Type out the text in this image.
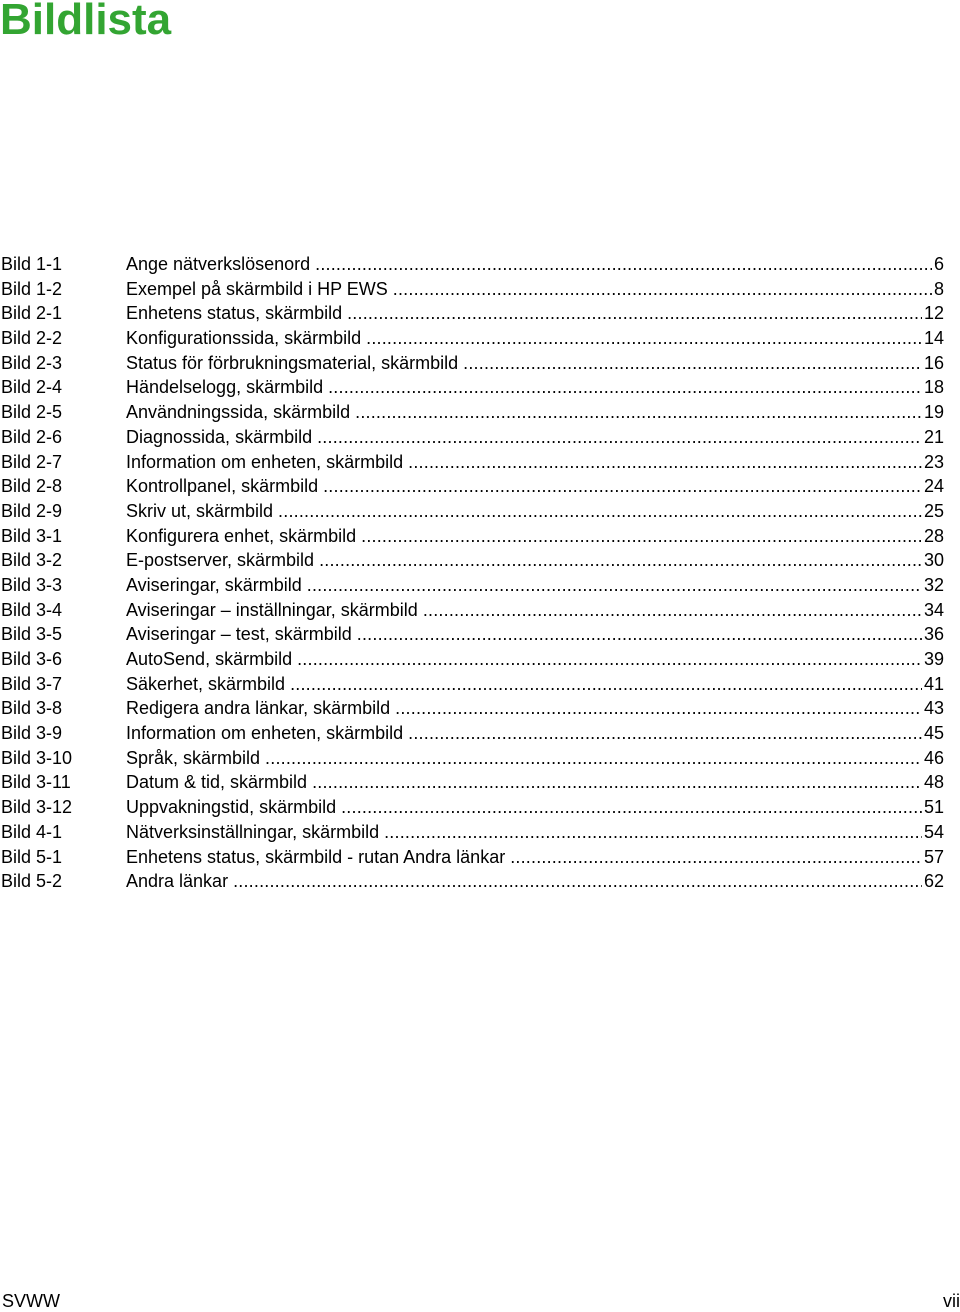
Bildlista
Bild 1-1	Ange nätverkslösenord .....	6
Bild 1-2	Exempel på skärmbild i HP EWS .....	8
Bild 2-1	Enhetens status, skärmbild .....	12
Bild 2-2	Konfigurationssida, skärmbild .....	14
Bild 2-3	Status för förbrukningsmaterial, skärmbild .....	16
Bild 2-4	Händelselogg, skärmbild .....	18
Bild 2-5	Användningssida, skärmbild .....	19
Bild 2-6	Diagnossida, skärmbild .....	21
Bild 2-7	Information om enheten, skärmbild .....	23
Bild 2-8	Kontrollpanel, skärmbild .....	24
Bild 2-9	Skriv ut, skärmbild .....	25
Bild 3-1	Konfigurera enhet, skärmbild .....	28
Bild 3-2	E-postserver, skärmbild .....	30
Bild 3-3	Aviseringar, skärmbild .....	32
Bild 3-4	Aviseringar – inställningar, skärmbild .....	34
Bild 3-5	Aviseringar – test, skärmbild .....	36
Bild 3-6	AutoSend, skärmbild .....	39
Bild 3-7	Säkerhet, skärmbild .....	41
Bild 3-8	Redigera andra länkar, skärmbild .....	43
Bild 3-9	Information om enheten, skärmbild .....	45
Bild 3-10	Språk, skärmbild .....	46
Bild 3-11	Datum & tid, skärmbild .....	48
Bild 3-12	Uppvakningstid, skärmbild .....	51
Bild 4-1	Nätverksinställningar, skärmbild .....	54
Bild 5-1	Enhetens status, skärmbild - rutan Andra länkar .....	57
Bild 5-2	Andra länkar .....	62
SVWW	vii
